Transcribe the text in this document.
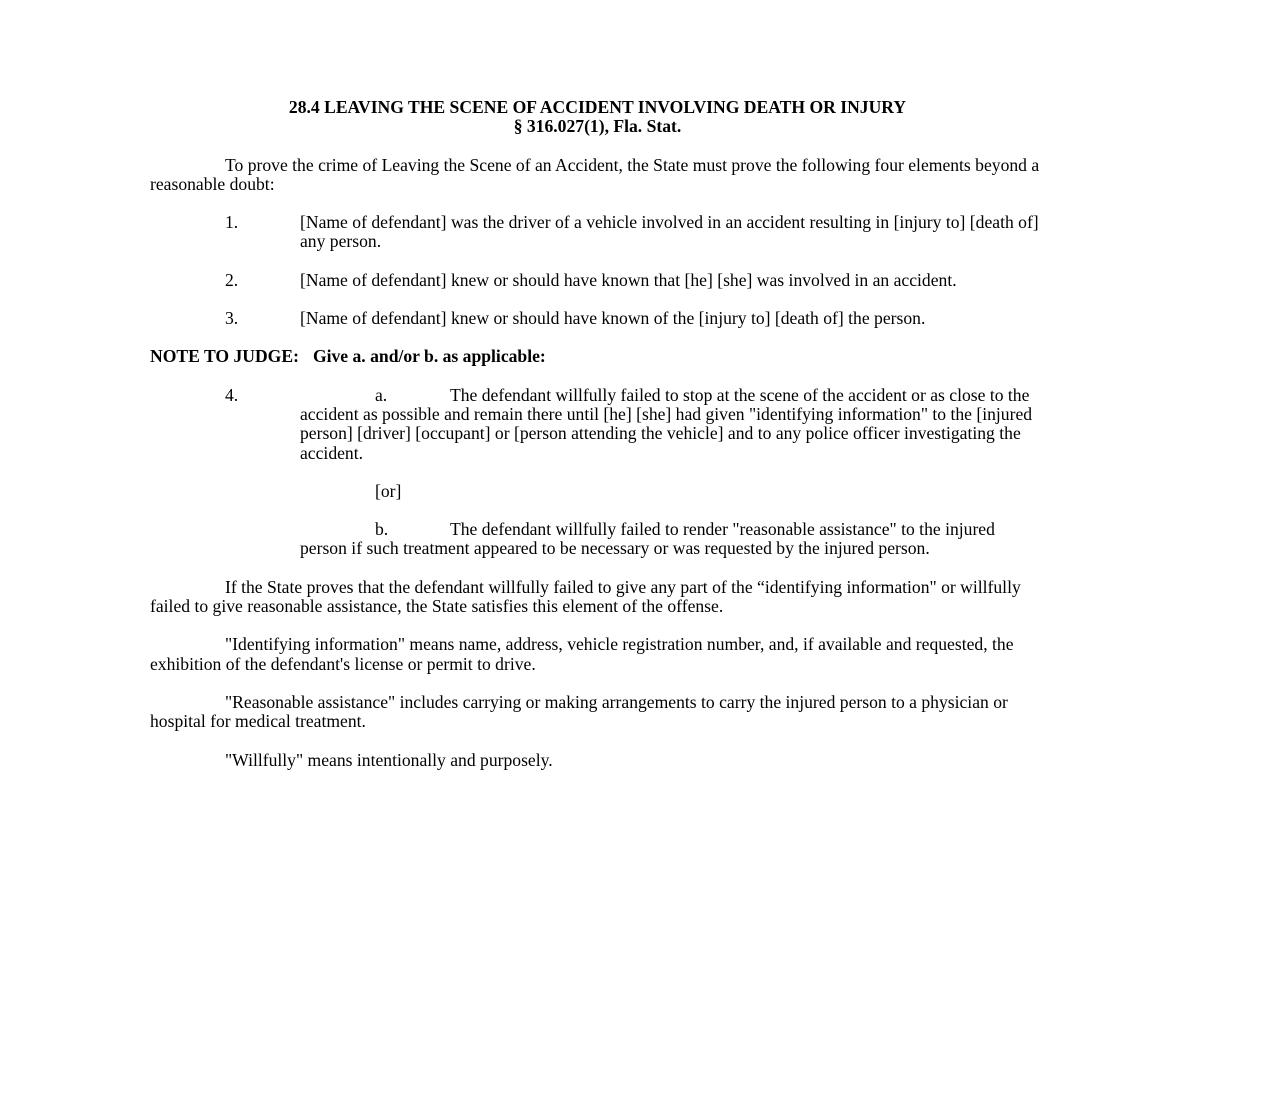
28.4 LEAVING THE SCENE OF ACCIDENT INVOLVING DEATH OR INJURY
§ 316.027(1), Fla. Stat.
To prove the crime of Leaving the Scene of an Accident, the State must prove the following four elements beyond a reasonable doubt:
1.	[Name of defendant] was the driver of a vehicle involved in an accident resulting in [injury to] [death of] any person.
2.	[Name of defendant] knew or should have known that [he] [she] was involved in an accident.
3.	[Name of defendant] knew or should have known of the [injury to] [death of] the person.
NOTE TO JUDGE: Give a. and/or b. as applicable:
4.	a.	The defendant willfully failed to stop at the scene of the accident or as close to the accident as possible and remain there until [he] [she] had given "identifying information" to the [injured person] [driver] [occupant] or [person attending the vehicle] and to any police officer investigating the accident.
[or]
b.	The defendant willfully failed to render "reasonable assistance" to the injured person if such treatment appeared to be necessary or was requested by the injured person.
If the State proves that the defendant willfully failed to give any part of the “identifying information" or willfully failed to give reasonable assistance, the State satisfies this element of the offense.
"Identifying information" means name, address, vehicle registration number, and, if available and requested, the exhibition of the defendant's license or permit to drive.
"Reasonable assistance" includes carrying or making arrangements to carry the injured person to a physician or hospital for medical treatment.
"Willfully" means intentionally and purposely.
